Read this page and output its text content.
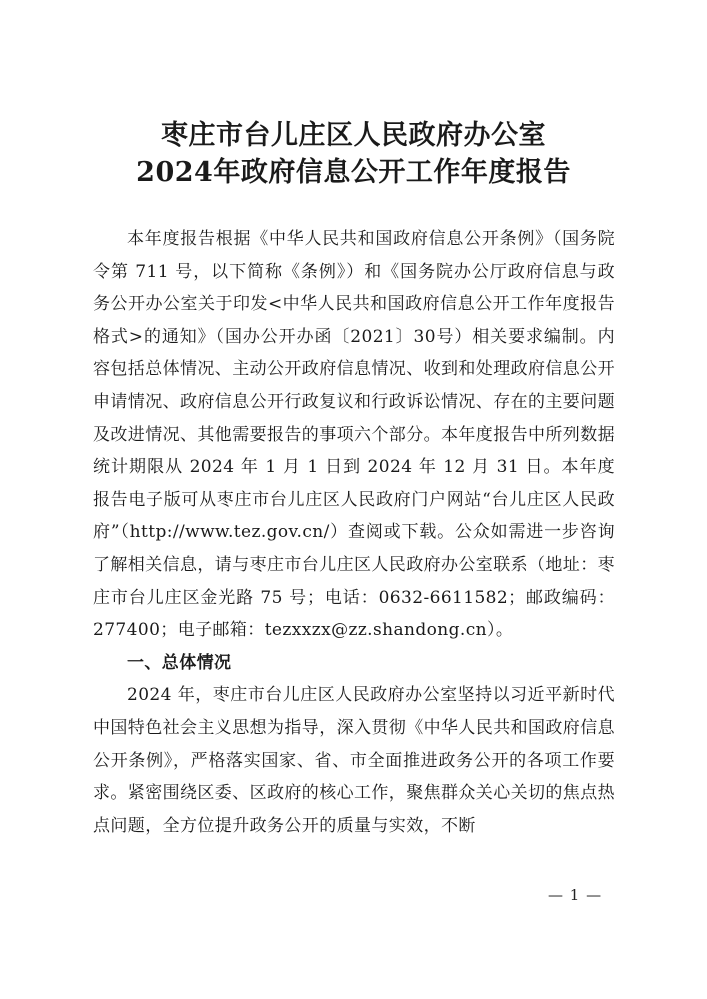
枣庄市台儿庄区人民政府办公室
2024年政府信息公开工作年度报告

本年度报告根据《中华人民共和国政府信息公开条例》（国务院令第 711 号，以下简称《条例》）和《国务院办公厅政府信息与政务公开办公室关于印发<中华人民共和国政府信息公开工作年度报告格式>的通知》（国办公开办函〔2021〕30号）相关要求编制。内容包括总体情况、主动公开政府信息情况、收到和处理政府信息公开申请情况、政府信息公开行政复议和行政诉讼情况、存在的主要问题及改进情况、其他需要报告的事项六个部分。本年度报告中所列数据统计期限从 2024 年 1 月 1 日到 2024 年 12 月 31 日。本年度报告电子版可从枣庄市台儿庄区人民政府门户网站“台儿庄区人民政府”（http://www.tez.gov.cn/）查阅或下载。公众如需进一步咨询了解相关信息，请与枣庄市台儿庄区人民政府办公室联系（地址：枣庄市台儿庄区金光路 75 号；电话：0632-6611582；邮政编码：277400；电子邮箱：tezxxzx@zz.shandong.cn）。

一、总体情况

2024 年，枣庄市台儿庄区人民政府办公室坚持以习近平新时代中国特色社会主义思想为指导，深入贯彻《中华人民共和国政府信息公开条例》，严格落实国家、省、市全面推进政务公开的各项工作要求。紧密围绕区委、区政府的核心工作，聚焦群众关心关切的焦点热点问题，全方位提升政务公开的质量与实效，不断

— 1 —
